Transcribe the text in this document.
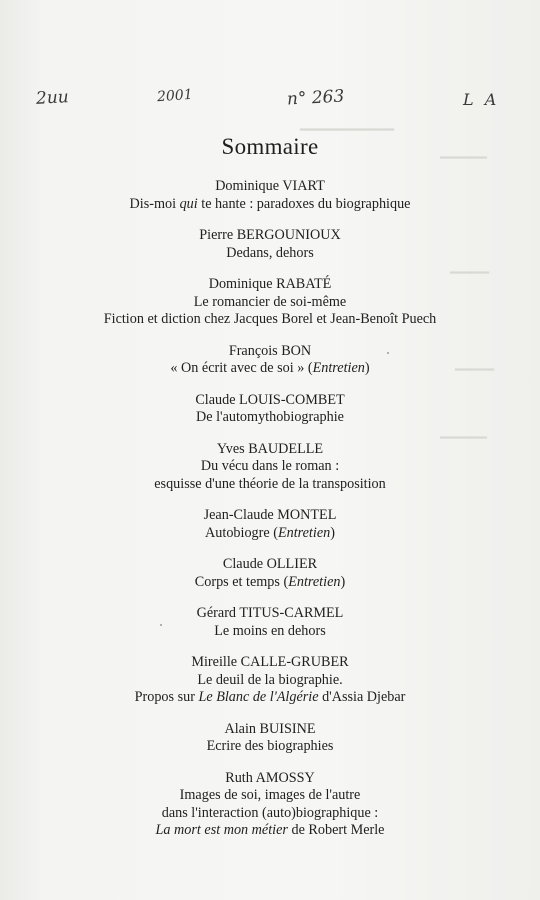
━━━━━━━━━━━━
━━━━━━
━━━━━
━━━━━
━━━━━━
2uu	2001	n° 263	L A
Sommaire
Dominique VIART
Dis-moi qui te hante : paradoxes du biographique
Pierre BERGOUNIOUX
Dedans, dehors
Dominique RABATÉ
Le romancier de soi-même
Fiction et diction chez Jacques Borel et Jean-Benoît Puech
François BON
« On écrit avec de soi » (Entretien)
Claude LOUIS-COMBET
De l'automythobiographie
Yves BAUDELLE
Du vécu dans le roman :
esquisse d'une théorie de la transposition
Jean-Claude MONTEL
Autobiogre (Entretien)
Claude OLLIER
Corps et temps (Entretien)
Gérard TITUS-CARMEL
Le moins en dehors
Mireille CALLE-GRUBER
Le deuil de la biographie.
Propos sur Le Blanc de l'Algérie d'Assia Djebar
Alain BUISINE
Ecrire des biographies
Ruth AMOSSY
Images de soi, images de l'autre
dans l'interaction (auto)biographique :
La mort est mon métier de Robert Merle
